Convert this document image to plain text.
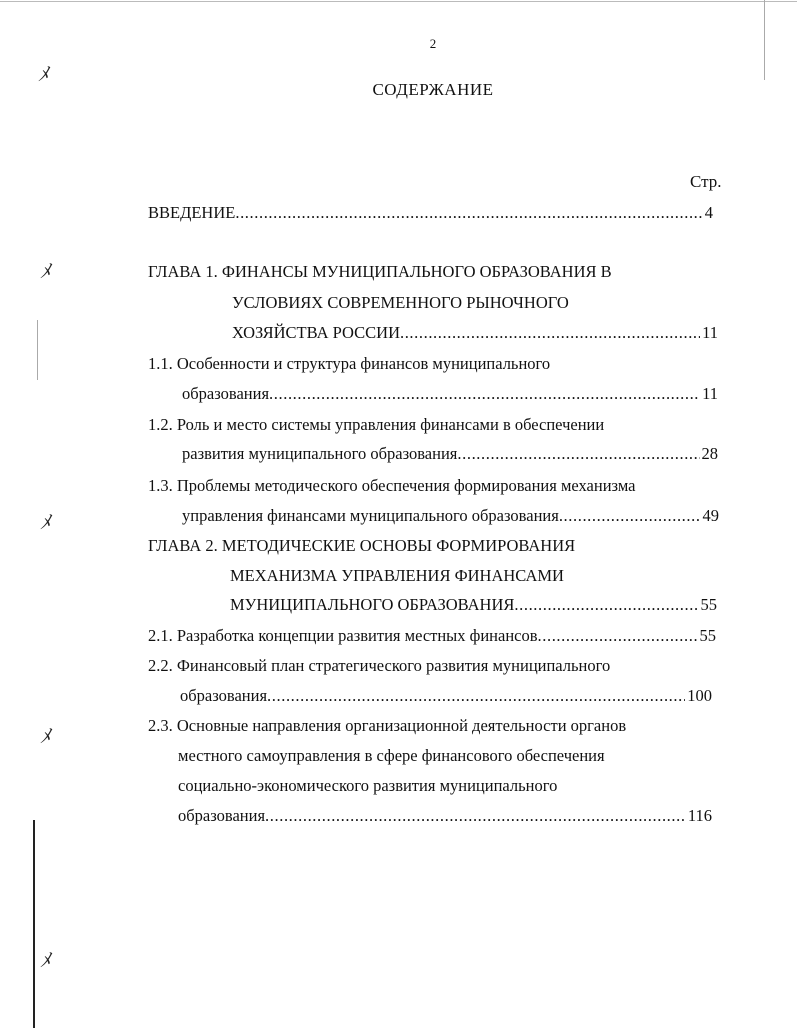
ﾒ
ﾒ
ﾒ
ﾒ
ﾒ
2
СОДЕРЖАНИЕ
Стр.
ВВЕДЕНИЕ .....	4
ГЛАВА 1. ФИНАНСЫ МУНИЦИПАЛЬНОГО ОБРАЗОВАНИЯ В
УСЛОВИЯХ СОВРЕМЕННОГО РЫНОЧНОГО
ХОЗЯЙСТВА РОССИИ .....	11
1.1. Особенности и структура финансов муниципального
образования .....	11
1.2. Роль и место системы управления финансами в обеспечении
развития муниципального образования .....	28
1.3. Проблемы методического обеспечения формирования механизма
управления финансами муниципального образования .....	49
ГЛАВА 2. МЕТОДИЧЕСКИЕ ОСНОВЫ ФОРМИРОВАНИЯ
МЕХАНИЗМА УПРАВЛЕНИЯ ФИНАНСАМИ
МУНИЦИПАЛЬНОГО ОБРАЗОВАНИЯ .....	55
2.1. Разработка концепции развития местных финансов .....	55
2.2. Финансовый план стратегического развития муниципального
образования .....	100
2.3. Основные направления организационной деятельности органов
местного самоуправления в сфере финансового обеспечения
социально-экономического развития муниципального
образования .....	116
